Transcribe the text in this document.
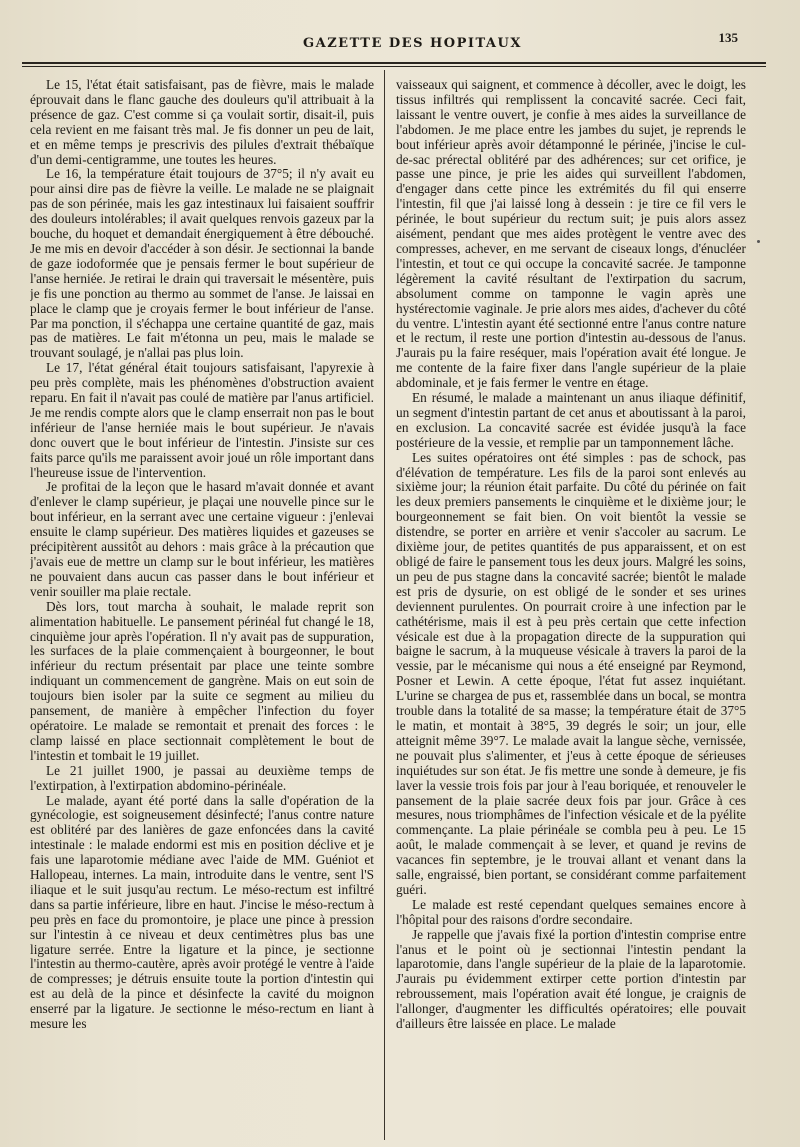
GAZETTE DES HOPITAUX	135

Le 15, l'état était satisfaisant, pas de fièvre, mais le malade éprouvait dans le flanc gauche des douleurs qu'il attribuait à la présence de gaz. C'est comme si ça voulait sortir, disait-il, puis cela revient en me faisant très mal. Je fis donner un peu de lait, et en même temps je prescrivis des pilules d'extrait thébaïque d'un demi-centigramme, une toutes les heures.

Le 16, la température était toujours de 37°5; il n'y avait eu pour ainsi dire pas de fièvre la veille. Le malade ne se plaignait pas de son périnée, mais les gaz intestinaux lui faisaient souffrir des douleurs intolérables; il avait quelques renvois gazeux par la bouche, du hoquet et demandait énergiquement à être débouché. Je me mis en devoir d'accéder à son désir. Je sectionnai la bande de gaze iodoformée que je pensais fermer le bout supérieur de l'anse herniée. Je retirai le drain qui traversait le mésentère, puis je fis une ponction au thermo au sommet de l'anse. Je laissai en place le clamp que je croyais fermer le bout inférieur de l'anse. Par ma ponction, il s'échappa une certaine quantité de gaz, mais pas de matières. Le fait m'étonna un peu, mais le malade se trouvant soulagé, je n'allai pas plus loin.

Le 17, l'état général était toujours satisfaisant, l'apyrexie à peu près complète, mais les phénomènes d'obstruction avaient reparu. En fait il n'avait pas coulé de matière par l'anus artificiel. Je me rendis compte alors que le clamp enserrait non pas le bout inférieur de l'anse herniée mais le bout supérieur. Je n'avais donc ouvert que le bout inférieur de l'intestin. J'insiste sur ces faits parce qu'ils me paraissent avoir joué un rôle important dans l'heureuse issue de l'intervention.

Je profitai de la leçon que le hasard m'avait donnée et avant d'enlever le clamp supérieur, je plaçai une nouvelle pince sur le bout inférieur, en la serrant avec une certaine vigueur : j'enlevai ensuite le clamp supérieur. Des matières liquides et gazeuses se précipitèrent aussitôt au dehors : mais grâce à la précaution que j'avais eue de mettre un clamp sur le bout inférieur, les matières ne pouvaient dans aucun cas passer dans le bout inférieur et venir souiller ma plaie rectale.

Dès lors, tout marcha à souhait, le malade reprit son alimentation habituelle. Le pansement périnéal fut changé le 18, cinquième jour après l'opération. Il n'y avait pas de suppuration, les surfaces de la plaie commençaient à bourgeonner, le bout inférieur du rectum présentait par place une teinte sombre indiquant un commencement de gangrène. Mais on eut soin de toujours bien isoler par la suite ce segment au milieu du pansement, de manière à empêcher l'infection du foyer opératoire. Le malade se remontait et prenait des forces : le clamp laissé en place sectionnait complètement le bout de l'intestin et tombait le 19 juillet.

Le 21 juillet 1900, je passai au deuxième temps de l'extirpation, à l'extirpation abdomino-périnéale.

Le malade, ayant été porté dans la salle d'opération de la gynécologie, est soigneusement désinfecté; l'anus contre nature est oblitéré par des lanières de gaze enfoncées dans la cavité intestinale : le malade endormi est mis en position déclive et je fais une laparotomie médiane avec l'aide de MM. Guéniot et Hallopeau, internes. La main, introduite dans le ventre, sent l'S iliaque et le suit jusqu'au rectum. Le méso-rectum est infiltré dans sa partie inférieure, libre en haut. J'incise le méso-rectum à peu près en face du promontoire, je place une pince à pression sur l'intestin à ce niveau et deux centimètres plus bas une ligature serrée. Entre la ligature et la pince, je sectionne l'intestin au thermo-cautère, après avoir protégé le ventre à l'aide de compresses; je détruis ensuite toute la portion d'intestin qui est au delà de la pince et désinfecte la cavité du moignon enserré par la ligature. Je sectionne le méso-rectum en liant à mesure les

vaisseaux qui saignent, et commence à décoller, avec le doigt, les tissus infiltrés qui remplissent la concavité sacrée. Ceci fait, laissant le ventre ouvert, je confie à mes aides la surveillance de l'abdomen. Je me place entre les jambes du sujet, je reprends le bout inférieur après avoir détamponné le périnée, j'incise le cul-de-sac prérectal oblitéré par des adhérences; sur cet orifice, je passe une pince, je prie les aides qui surveillent l'abdomen, d'engager dans cette pince les extrémités du fil qui enserre l'intestin, fil que j'ai laissé long à dessein : je tire ce fil vers le périnée, le bout supérieur du rectum suit; je puis alors assez aisément, pendant que mes aides protègent le ventre avec des compresses, achever, en me servant de ciseaux longs, d'énucléer l'intestin, et tout ce qui occupe la concavité sacrée. Je tamponne légèrement la cavité résultant de l'extirpation du sacrum, absolument comme on tamponne le vagin après une hystérectomie vaginale. Je prie alors mes aides, d'achever du côté du ventre. L'intestin ayant été sectionné entre l'anus contre nature et le rectum, il reste une portion d'intestin au-dessous de l'anus. J'aurais pu la faire reséquer, mais l'opération avait été longue. Je me contente de la faire fixer dans l'angle supérieur de la plaie abdominale, et je fais fermer le ventre en étage.

En résumé, le malade a maintenant un anus iliaque définitif, un segment d'intestin partant de cet anus et aboutissant à la paroi, en exclusion. La concavité sacrée est évidée jusqu'à la face postérieure de la vessie, et remplie par un tamponnement lâche.

Les suites opératoires ont été simples : pas de schock, pas d'élévation de température. Les fils de la paroi sont enlevés au sixième jour; la réunion était parfaite. Du côté du périnée on fait les deux premiers pansements le cinquième et le dixième jour; le bourgeonnement se fait bien. On voit bientôt la vessie se distendre, se porter en arrière et venir s'accoler au sacrum. Le dixième jour, de petites quantités de pus apparaissent, et on est obligé de faire le pansement tous les deux jours. Malgré les soins, un peu de pus stagne dans la concavité sacrée; bientôt le malade est pris de dysurie, on est obligé de le sonder et ses urines deviennent purulentes. On pourrait croire à une infection par le cathétérisme, mais il est à peu près certain que cette infection vésicale est due à la propagation directe de la suppuration qui baigne le sacrum, à la muqueuse vésicale à travers la paroi de la vessie, par le mécanisme qui nous a été enseigné par Reymond, Posner et Lewin. A cette époque, l'état fut assez inquiétant. L'urine se chargea de pus et, rassemblée dans un bocal, se montra trouble dans la totalité de sa masse; la température était de 37°5 le matin, et montait à 38°5, 39 degrés le soir; un jour, elle atteignit même 39°7. Le malade avait la langue sèche, vernissée, ne pouvait plus s'alimenter, et j'eus à cette époque de sérieuses inquiétudes sur son état. Je fis mettre une sonde à demeure, je fis laver la vessie trois fois par jour à l'eau boriquée, et renouveler le pansement de la plaie sacrée deux fois par jour. Grâce à ces mesures, nous triomphâmes de l'infection vésicale et de la pyélite commençante. La plaie périnéale se combla peu à peu. Le 15 août, le malade commençait à se lever, et quand je revins de vacances fin septembre, je le trouvai allant et venant dans la salle, engraissé, bien portant, se considérant comme parfaitement guéri.

Le malade est resté cependant quelques semaines encore à l'hôpital pour des raisons d'ordre secondaire.

Je rappelle que j'avais fixé la portion d'intestin comprise entre l'anus et le point où je sectionnai l'intestin pendant la laparotomie, dans l'angle supérieur de la plaie de la laparotomie. J'aurais pu évidemment extirper cette portion d'intestin par rebroussement, mais l'opération avait été longue, je craignis de l'allonger, d'augmenter les difficultés opératoires; elle pouvait d'ailleurs être laissée en place. Le malade
